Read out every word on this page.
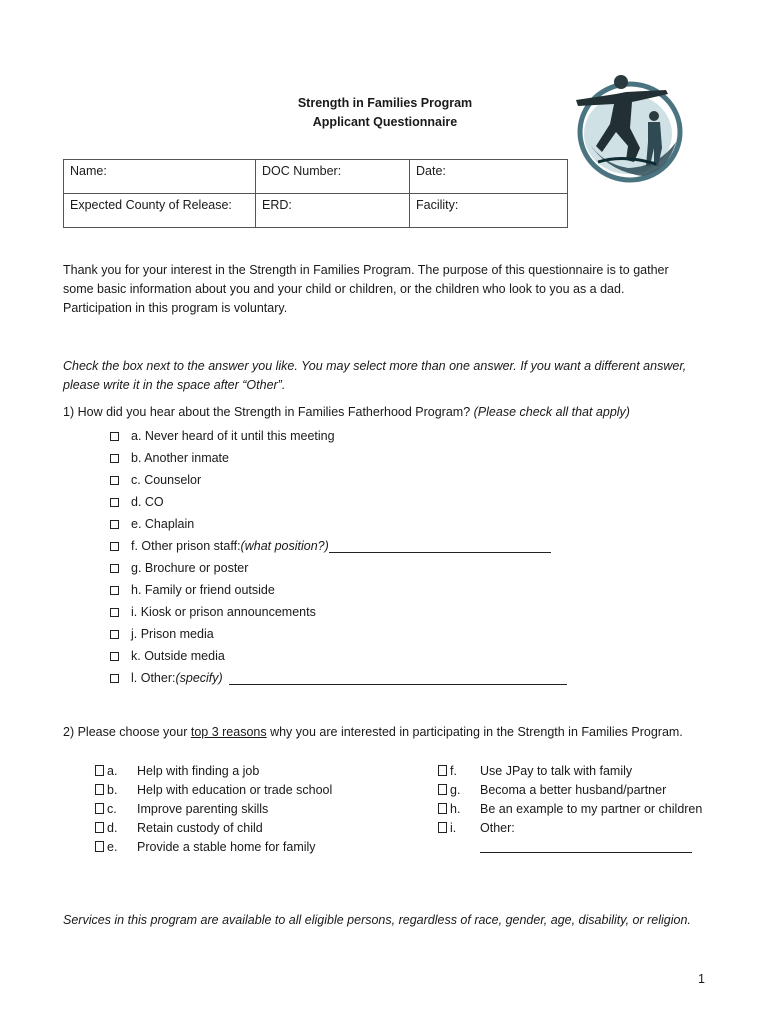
Strength in Families Program
Applicant Questionnaire
Name:	DOC Number:	Date:
Expected County of Release:	ERD:	Facility:
Thank you for your interest in the Strength in Families Program. The purpose of this questionnaire is to gather
some basic information about you and your child or children, or the children who look to you as a dad.
Participation in this program is voluntary.
Check the box next to the answer you like. You may select more than one answer. If you want a different answer,
please write it in the space after “Other”.
1) How did you hear about the Strength in Families Fatherhood Program? (Please check all that apply)
a. Never heard of it until this meeting
b. Another inmate
c. Counselor
d. CO
e. Chaplain
f. Other prison staff: (what position?)
g. Brochure or poster
h. Family or friend outside
i. Kiosk or prison announcements
j. Prison media
k. Outside media
l. Other: (specify)
2) Please choose your top 3 reasons why you are interested in participating in the Strength in Families Program.
a.	Help with finding a job
b.	Help with education or trade school
c.	Improve parenting skills
d.	Retain custody of child
e.	Provide a stable home for family
f.	Use JPay to talk with family
g.	Becoma a better husband/partner
h.	Be an example to my partner or children
i.	Other:
Services in this program are available to all eligible persons, regardless of race, gender, age, disability, or religion.
1
